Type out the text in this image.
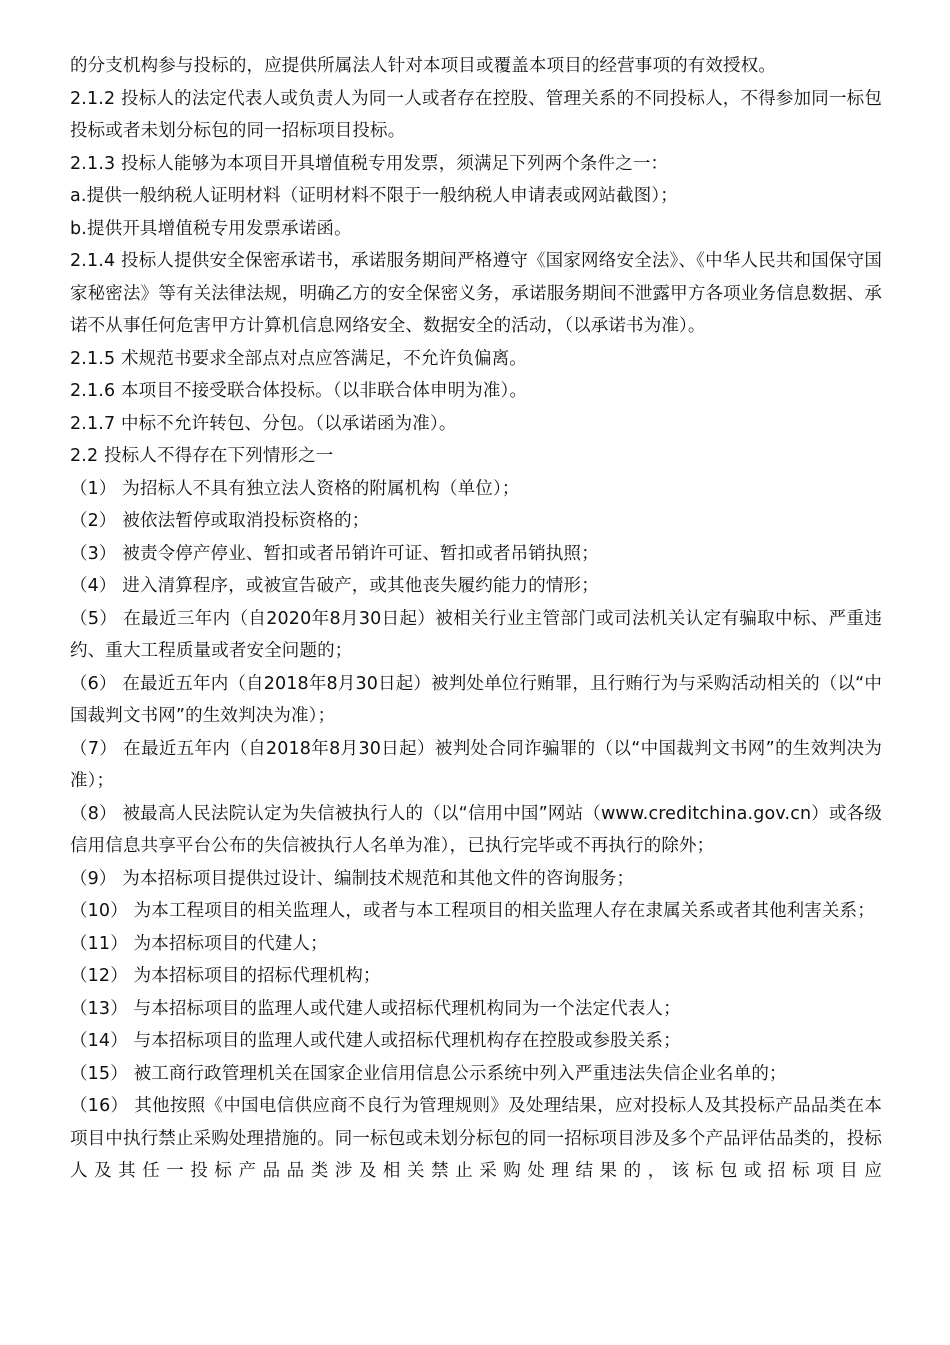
的分支机构参与投标的，应提供所属法人针对本项目或覆盖本项目的经营事项的有效授权。

2.1.2 投标人的法定代表人或负责人为同一人或者存在控股、管理关系的不同投标人，不得参加同一标包投标或者未划分标包的同一招标项目投标。

2.1.3 投标人能够为本项目开具增值税专用发票，须满足下列两个条件之一：

a.提供一般纳税人证明材料（证明材料不限于一般纳税人申请表或网站截图）；

b.提供开具增值税专用发票承诺函。

2.1.4 投标人提供安全保密承诺书，承诺服务期间严格遵守《国家网络安全法》、《中华人民共和国保守国家秘密法》等有关法律法规，明确乙方的安全保密义务，承诺服务期间不泄露甲方各项业务信息数据、承诺不从事任何危害甲方计算机信息网络安全、数据安全的活动，（以承诺书为准）。

2.1.5 术规范书要求全部点对点应答满足，不允许负偏离。

2.1.6 本项目不接受联合体投标。（以非联合体申明为准）。

2.1.7 中标不允许转包、分包。（以承诺函为准）。

2.2 投标人不得存在下列情形之一

（1） 为招标人不具有独立法人资格的附属机构（单位）；

（2） 被依法暂停或取消投标资格的；

（3） 被责令停产停业、暂扣或者吊销许可证、暂扣或者吊销执照；

（4） 进入清算程序，或被宣告破产，或其他丧失履约能力的情形；

（5） 在最近三年内（自2020年8月30日起）被相关行业主管部门或司法机关认定有骗取中标、严重违约、重大工程质量或者安全问题的；

（6） 在最近五年内（自2018年8月30日起）被判处单位行贿罪，且行贿行为与采购活动相关的（以“中国裁判文书网”的生效判决为准）；

（7） 在最近五年内（自2018年8月30日起）被判处合同诈骗罪的（以“中国裁判文书网”的生效判决为准）；

（8） 被最高人民法院认定为失信被执行人的（以“信用中国”网站（www.creditchina.gov.cn）或各级信用信息共享平台公布的失信被执行人名单为准），已执行完毕或不再执行的除外；

（9） 为本招标项目提供过设计、编制技术规范和其他文件的咨询服务；

（10） 为本工程项目的相关监理人，或者与本工程项目的相关监理人存在隶属关系或者其他利害关系；

（11） 为本招标项目的代建人；

（12） 为本招标项目的招标代理机构；

（13） 与本招标项目的监理人或代建人或招标代理机构同为一个法定代表人；

（14） 与本招标项目的监理人或代建人或招标代理机构存在控股或参股关系；

（15） 被工商行政管理机关在国家企业信用信息公示系统中列入严重违法失信企业名单的；

（16） 其他按照《中国电信供应商不良行为管理规则》及处理结果，应对投标人及其投标产品品类在本项目中执行禁止采购处理措施的。同一标包或未划分标包的同一招标项目涉及多个产品评估品类的，投标人及其任一投标产品品类涉及相关禁止采购处理结果的，该标包或招标项目应
